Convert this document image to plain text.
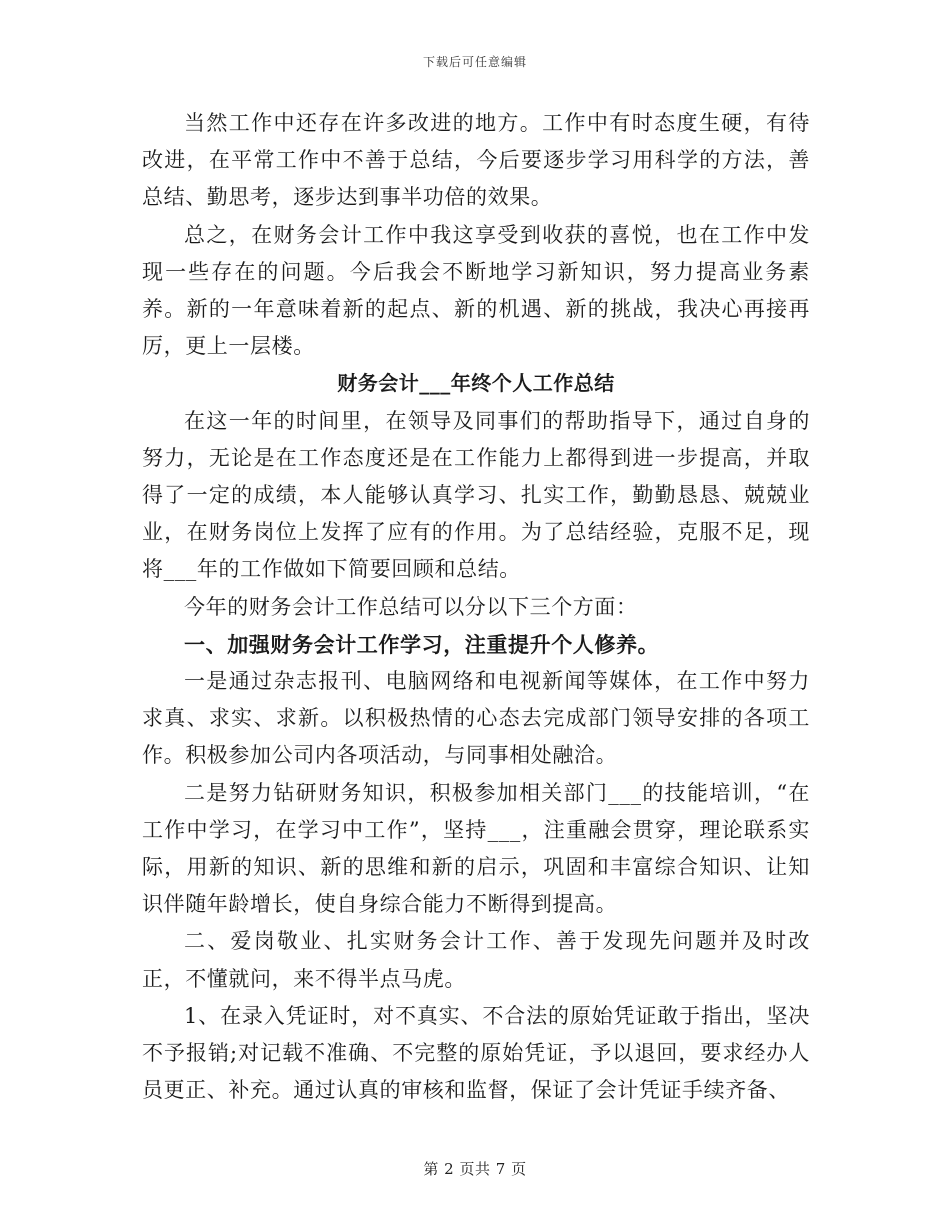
下载后可任意编辑

当然工作中还存在许多改进的地方。工作中有时态度生硬，有待改进，在平常工作中不善于总结，今后要逐步学习用科学的方法，善总结、勤思考，逐步达到事半功倍的效果。

总之，在财务会计工作中我这享受到收获的喜悦，也在工作中发现一些存在的问题。今后我会不断地学习新知识，努力提高业务素养。新的一年意味着新的起点、新的机遇、新的挑战，我决心再接再厉，更上一层楼。

财务会计___年终个人工作总结

在这一年的时间里，在领导及同事们的帮助指导下，通过自身的努力，无论是在工作态度还是在工作能力上都得到进一步提高，并取得了一定的成绩，本人能够认真学习、扎实工作，勤勤恳恳、兢兢业业，在财务岗位上发挥了应有的作用。为了总结经验，克服不足，现将___年的工作做如下简要回顾和总结。

今年的财务会计工作总结可以分以下三个方面：

一、加强财务会计工作学习，注重提升个人修养。

一是通过杂志报刊、电脑网络和电视新闻等媒体，在工作中努力求真、求实、求新。以积极热情的心态去完成部门领导安排的各项工作。积极参加公司内各项活动，与同事相处融洽。

二是努力钻研财务知识，积极参加相关部门___的技能培训，“在工作中学习，在学习中工作”，坚持___，注重融会贯穿，理论联系实际，用新的知识、新的思维和新的启示，巩固和丰富综合知识、让知识伴随年龄增长，使自身综合能力不断得到提高。

二、爱岗敬业、扎实财务会计工作、善于发现先问题并及时改正，不懂就问，来不得半点马虎。

1、在录入凭证时，对不真实、不合法的原始凭证敢于指出，坚决不予报销;对记载不准确、不完整的原始凭证，予以退回，要求经办人员更正、补充。通过认真的审核和监督，保证了会计凭证手续齐备、

第 2 页共 7 页
